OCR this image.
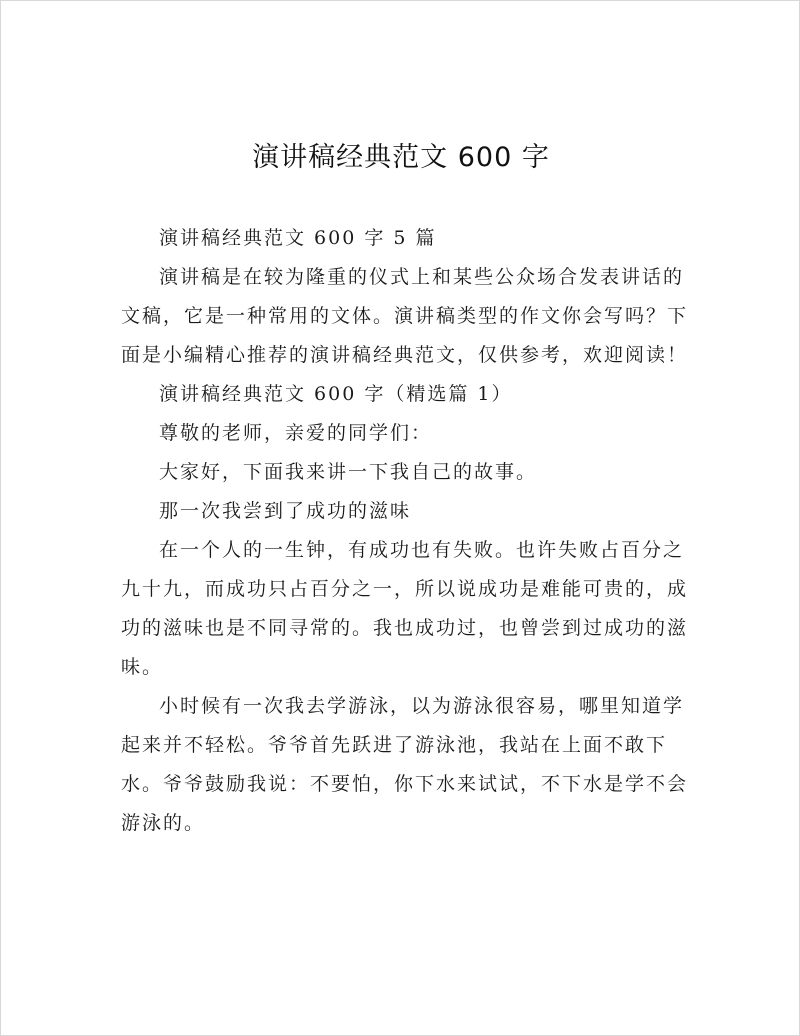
演讲稿经典范文 600 字

演讲稿经典范文 600 字 5 篇

演讲稿是在较为隆重的仪式上和某些公众场合发表讲话的文稿，它是一种常用的文体。演讲稿类型的作文你会写吗？下面是小编精心推荐的演讲稿经典范文，仅供参考，欢迎阅读！

演讲稿经典范文 600 字（精选篇 1）

尊敬的老师，亲爱的同学们：

大家好，下面我来讲一下我自己的故事。

那一次我尝到了成功的滋味

在一个人的一生钟，有成功也有失败。也许失败占百分之九十九，而成功只占百分之一，所以说成功是难能可贵的，成功的滋味也是不同寻常的。我也成功过，也曾尝到过成功的滋味。

小时候有一次我去学游泳，以为游泳很容易，哪里知道学起来并不轻松。爷爷首先跃进了游泳池，我站在上面不敢下水。爷爷鼓励我说：不要怕，你下水来试试，不下水是学不会游泳的。
